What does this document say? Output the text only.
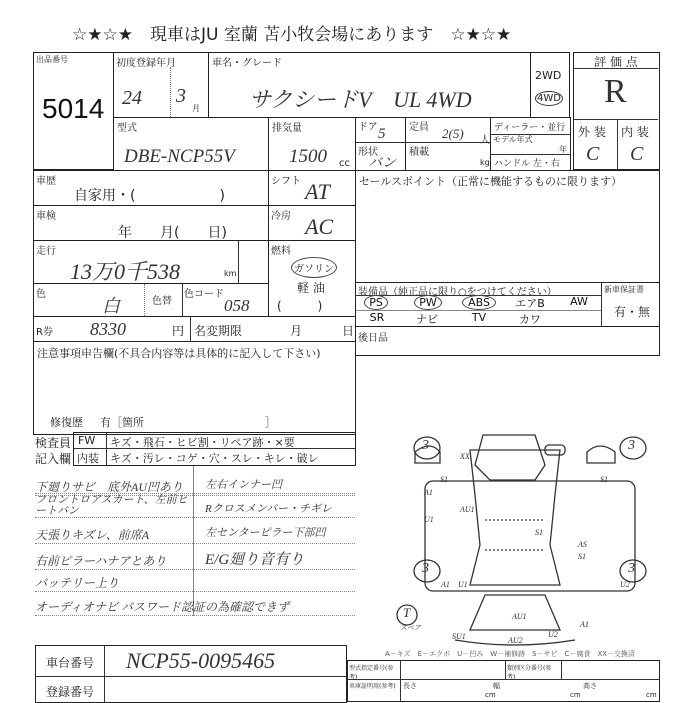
☆★☆★　現車はJU 室蘭 苫小牧会場にあります　☆★☆★
出品番号
5014
初度登録年月
24 3
月
車名・グレード
サクシードV　UL 4WD
2WD
4WD
評 価 点
R
外 装 内 装
C C
型式
DBE-NCP55V
排気量
1500 cc
ドア 5
形状
バン
定員 2(5) 人
積載
kg
ディーラー・並行
モデル年式
年
ハンドル 左・右
車歴
自家用・(　　　　　　)
車検
年　　月(　　日)
走行
13万0千538	km
色
白	色替
色コード
058
R券 8330	円 名変期限	月	日
注意事項申告欄(不具合内容等は具体的に記入して下さい)
修復歴 有［箇所　　　　　　　　　　　］
シフト AT
冷房 AC
燃料
ガソリン
軽 油
(　　　)
セールスポイント（正常に機能するものに限ります）
装備品（純正品に限り○をつけてください）	新車保証書
有・無
PS	PW	ABS	エアB	AW
SR	ナビ	TV	カワ
後日品
検査員
記入欄
FW キズ・飛石・ヒビ割・リペア跡・×要
内装 キズ・汚レ・コゲ・穴・スレ・キレ・破レ
下廻りサビ　底外AU凹あり
フロントロアスカート、左前ヒートバン
天張りキズレ、前席A
右前ピラーハナアとあり
バッテリー上り
オーディオナビ パスワード認証の為確認できず
左右インナー凹
Rクロスメンバー・チギレ
左センターピラー下部凹
E/G廻り音有り
3	3
3	3
T
スペア
XX
S1	S1
A1
AU1
U1
S1
AS
S1
A1 U1	U2
A1
SU1
AU1
AU2
U2
A－キズ　E－エクボ　U－凹み　W－補修跡　S－サビ　C－腐食　XX－交換済
車台番号 NCP55-0095465
登録番号
型式指定番号(参考)
類別区分番号(参考)
車庫証明用(参考)	長さ
cm
幅
cm
高さ
cm
